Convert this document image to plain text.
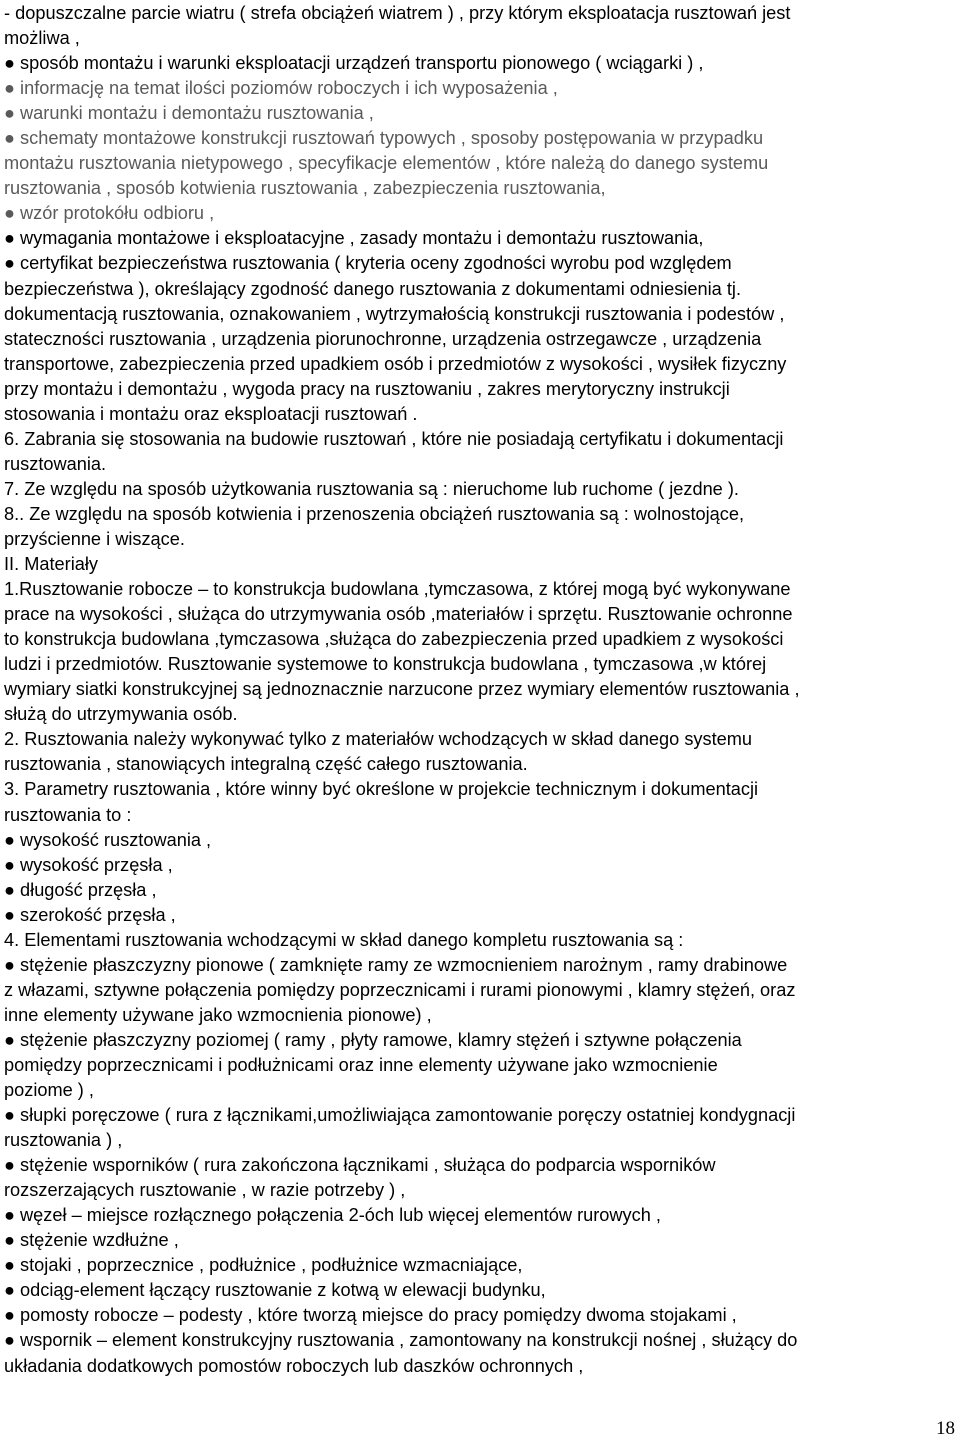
- dopuszczalne parcie wiatru ( strefa obciążeń wiatrem ) , przy którym eksploatacja rusztowań jest

możliwa ,

● sposób montażu i warunki eksploatacji urządzeń transportu pionowego ( wciągarki ) ,

● informację na temat ilości poziomów roboczych i ich wyposażenia ,

● warunki montażu i demontażu rusztowania ,

● schematy montażowe konstrukcji rusztowań typowych , sposoby postępowania w przypadku

montażu rusztowania nietypowego , specyfikacje elementów , które należą do danego systemu

rusztowania , sposób kotwienia rusztowania , zabezpieczenia rusztowania,

● wzór protokółu odbioru ,

● wymagania montażowe i eksploatacyjne , zasady montażu i demontażu rusztowania,

● certyfikat bezpieczeństwa rusztowania ( kryteria oceny zgodności wyrobu pod względem

bezpieczeństwa ), określający zgodność danego rusztowania z dokumentami odniesienia tj.

dokumentacją rusztowania, oznakowaniem , wytrzymałością konstrukcji rusztowania i podestów ,

stateczności rusztowania , urządzenia piorunochronne, urządzenia ostrzegawcze , urządzenia

transportowe, zabezpieczenia przed upadkiem osób i przedmiotów z wysokości , wysiłek fizyczny

przy montażu i demontażu , wygoda pracy na rusztowaniu , zakres merytoryczny instrukcji

stosowania i montażu oraz eksploatacji rusztowań .

6. Zabrania się stosowania na budowie rusztowań , które nie posiadają certyfikatu i dokumentacji

rusztowania.

7. Ze względu na sposób użytkowania rusztowania są : nieruchome lub ruchome ( jezdne ).

8.. Ze względu na sposób kotwienia i przenoszenia obciążeń rusztowania są : wolnostojące,

przyścienne i wiszące.

II. Materiały

1.Rusztowanie robocze – to konstrukcja budowlana ,tymczasowa, z której mogą być wykonywane

prace na wysokości , służąca do utrzymywania osób ,materiałów i sprzętu. Rusztowanie ochronne

to konstrukcja budowlana ,tymczasowa ,służąca do zabezpieczenia przed upadkiem z wysokości

ludzi i przedmiotów. Rusztowanie systemowe to konstrukcja budowlana , tymczasowa ,w której

wymiary siatki konstrukcyjnej są jednoznacznie narzucone przez wymiary elementów rusztowania ,

służą do utrzymywania osób.

2. Rusztowania należy wykonywać tylko z materiałów wchodzących w skład danego systemu

rusztowania , stanowiących integralną część całego rusztowania.

3. Parametry rusztowania , które winny być określone w projekcie technicznym i dokumentacji

rusztowania to :

● wysokość rusztowania ,

● wysokość przęsła ,

● długość przęsła ,

● szerokość przęsła ,

4. Elementami rusztowania wchodzącymi w skład danego kompletu rusztowania są :

● stężenie płaszczyzny pionowe ( zamknięte ramy ze wzmocnieniem narożnym , ramy drabinowe

z włazami, sztywne połączenia pomiędzy poprzecznicami i rurami pionowymi , klamry stężeń, oraz

inne elementy używane jako wzmocnienia pionowe) ,

● stężenie płaszczyzny poziomej ( ramy , płyty ramowe, klamry stężeń i sztywne połączenia

pomiędzy poprzecznicami i podłużnicami oraz inne elementy używane jako wzmocnienie

poziome ) ,

● słupki poręczowe ( rura z łącznikami,umożliwiająca zamontowanie poręczy ostatniej kondygnacji

rusztowania ) ,

● stężenie wsporników ( rura zakończona łącznikami , służąca do podparcia wsporników

rozszerzających rusztowanie , w razie potrzeby ) ,

● węzeł – miejsce rozłącznego połączenia 2-óch lub więcej elementów rurowych ,

● stężenie wzdłużne ,

● stojaki , poprzecznice , podłużnice , podłużnice wzmacniające,

● odciąg-element łączący rusztowanie z kotwą w elewacji budynku,

● pomosty robocze – podesty , które tworzą miejsce do pracy pomiędzy dwoma stojakami ,

● wspornik – element konstrukcyjny rusztowania , zamontowany na konstrukcji nośnej , służący do

układania dodatkowych pomostów roboczych lub daszków ochronnych ,

18
